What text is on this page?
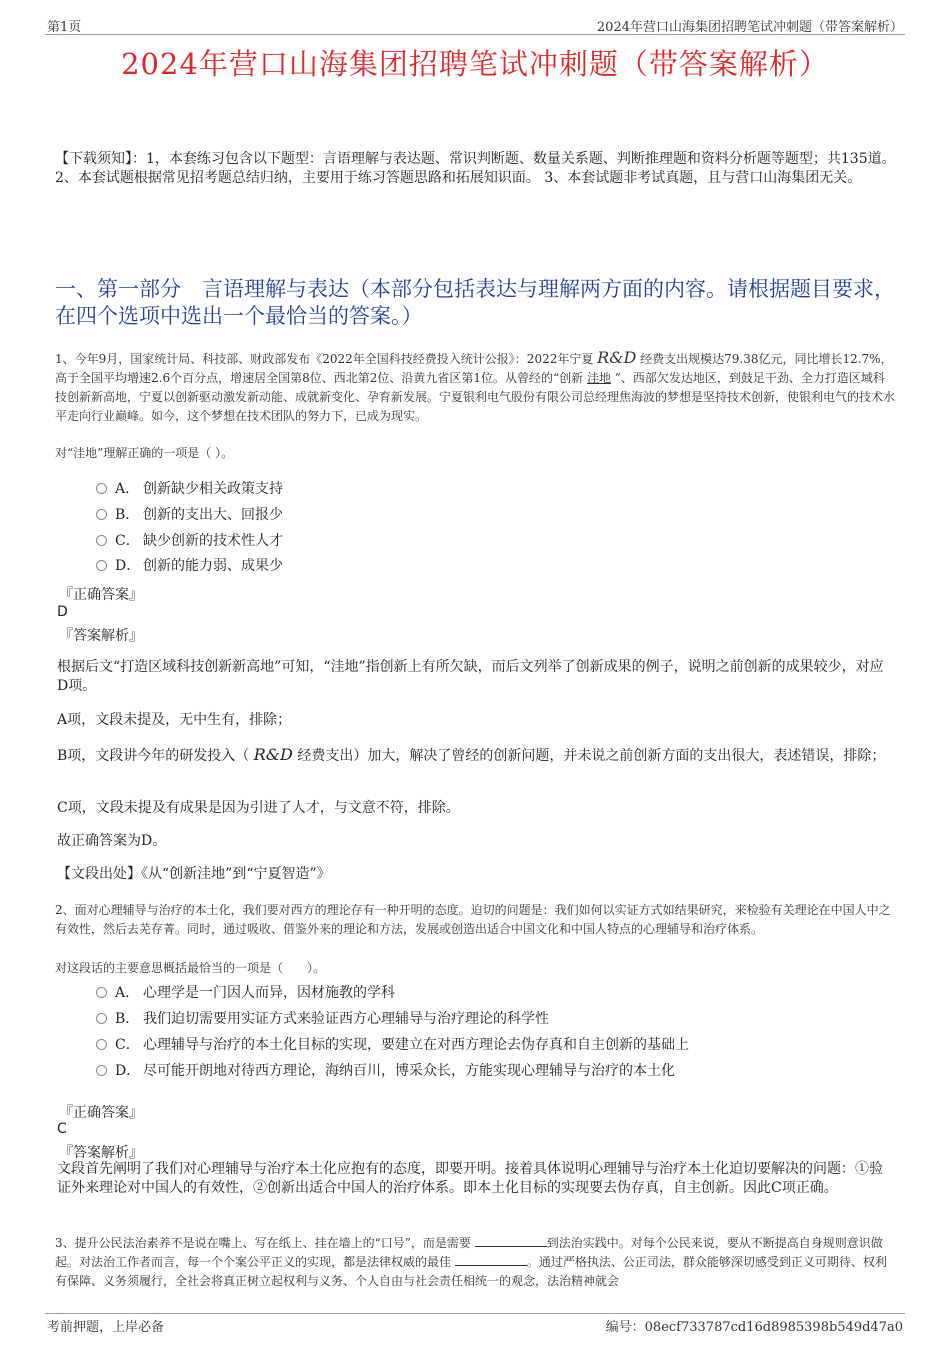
第1页	2024年营口山海集团招聘笔试冲刺题（带答案解析）
2024年营口山海集团招聘笔试冲刺题（带答案解析）
【下载须知】：1，本套练习包含以下题型：言语理解与表达题、常识判断题、数量关系题、判断推理题和资料分析题等题型；共135道。 2、本套试题根据常见招考题总结归纳，主要用于练习答题思路和拓展知识面。 3、本套试题非考试真题，且与营口山海集团无关。
一、第一部分　言语理解与表达（本部分包括表达与理解两方面的内容。请根据题目要求，在四个选项中选出一个最恰当的答案。）
1、今年9月，国家统计局、科技部、财政部发布《2022年全国科技经费投入统计公报》：2022年宁夏 R&D 经费支出规模达79.38亿元，同比增长12.7%，高于全国平均增速2.6个百分点，增速居全国第8位、西北第2位、沿黄九省区第1位。从曾经的“创新 洼地 ”、西部欠发达地区，到鼓足干劲、全力打造区域科技创新新高地，宁夏以创新驱动激发新动能、成就新变化、孕育新发展。宁夏银利电气股份有限公司总经理焦海波的梦想是坚持技术创新，使银利电气的技术水平走向行业巅峰。如今，这个梦想在技术团队的努力下，已成为现实。
对“洼地”理解正确的一项是（ ）。
A． 创新缺少相关政策支持
B． 创新的支出大、回报少
C． 缺少创新的技术性人才
D． 创新的能力弱、成果少
『正确答案』
D
『答案解析』
根据后文“打造区域科技创新新高地”可知，“洼地”指创新上有所欠缺，而后文列举了创新成果的例子，说明之前创新的成果较少，对应D项。
A项，文段未提及，无中生有，排除；
B项，文段讲今年的研发投入（ R&D 经费支出）加大，解决了曾经的创新问题，并未说之前创新方面的支出很大，表述错误，排除；
C项，文段未提及有成果是因为引进了人才，与文意不符，排除。
故正确答案为D。
【文段出处】《从“创新洼地”到“宁夏智造”》
2、面对心理辅导与治疗的本土化，我们要对西方的理论存有一种开明的态度。迫切的问题是：我们如何以实证方式如结果研究，来检验有关理论在中国人中之有效性，然后去芜存菁。同时，通过吸收、借鉴外来的理论和方法，发展或创造出适合中国文化和中国人特点的心理辅导和治疗体系。
对这段话的主要意思概括最恰当的一项是（　　）。
A． 心理学是一门因人而异，因材施教的学科
B． 我们迫切需要用实证方式来验证西方心理辅导与治疗理论的科学性
C． 心理辅导与治疗的本土化目标的实现，要建立在对西方理论去伪存真和自主创新的基础上
D． 尽可能开朗地对待西方理论，海纳百川，博采众长，方能实现心理辅导与治疗的本土化
『正确答案』
C
『答案解析』
文段首先阐明了我们对心理辅导与治疗本土化应抱有的态度，即要开明。接着具体说明心理辅导与治疗本土化迫切要解决的问题：①验证外来理论对中国人的有效性，②创新出适合中国人的治疗体系。即本土化目标的实现要去伪存真，自主创新。因此C项正确。
3、提升公民法治素养不是说在嘴上、写在纸上、挂在墙上的“口号”，而是需要	到法治实践中。对每个公民来说，要从不断提高自身规则意识做起。对法治工作者而言，每一个个案公平正义的实现，都是法律权威的最佳	。通过严格执法、公正司法，群众能够深切感受到正义可期待、权利有保障、义务须履行，全社会将真正树立起权利与义务、个人自由与社会责任相统一的观念，法治精神就会
考前押题，上岸必备	编号：08ecf733787cd16d8985398b549d47a0
